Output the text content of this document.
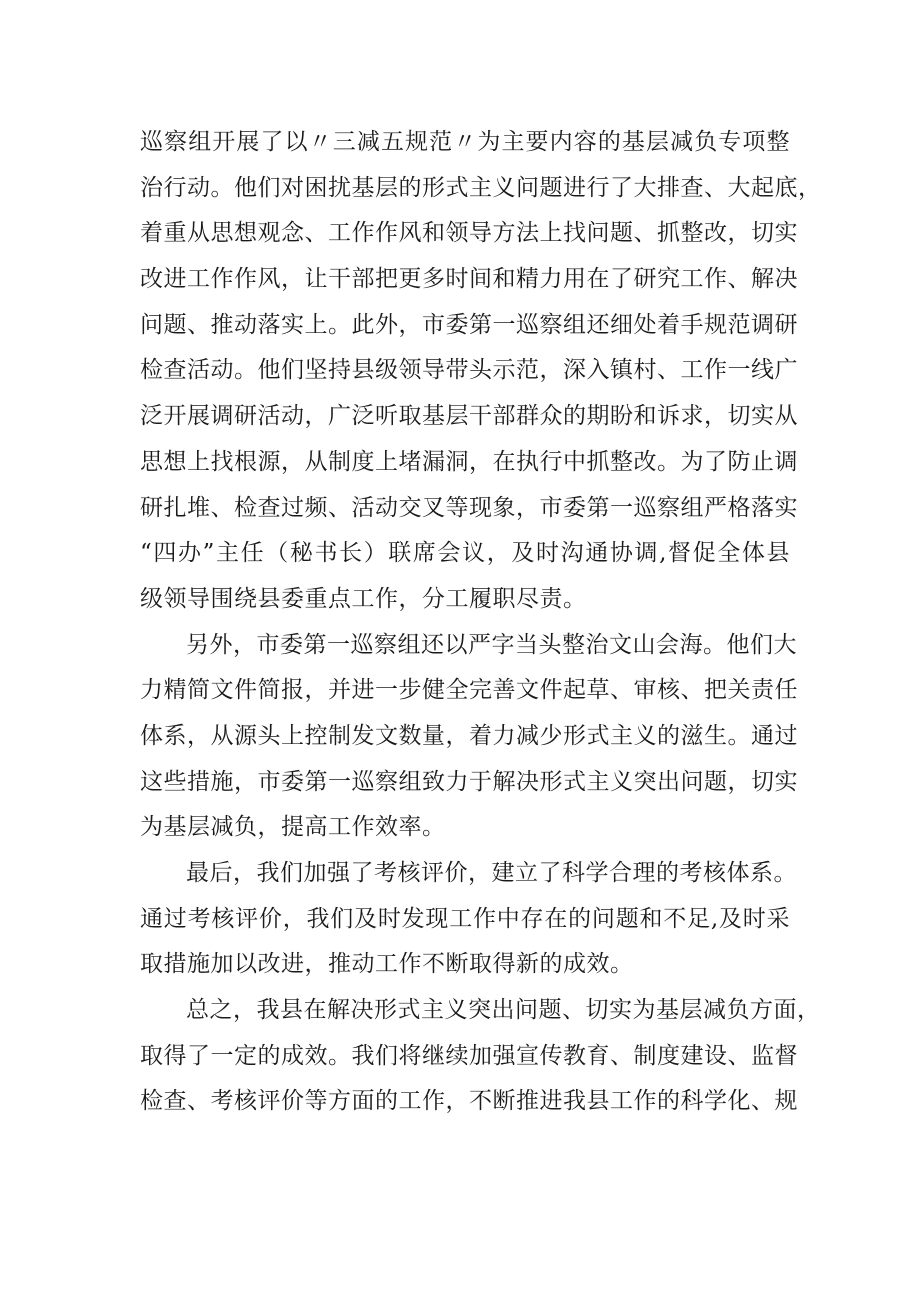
巡察组开展了以〃三减五规范〃为主要内容的基层减负专项整
治行动。他们对困扰基层的形式主义问题进行了大排查、大起底，
着重从思想观念、工作作风和领导方法上找问题、抓整改，切实
改进工作作风，让干部把更多时间和精力用在了研究工作、解决
问题、推动落实上。此外，市委第一巡察组还细处着手规范调研
检查活动。他们坚持县级领导带头示范，深入镇村、工作一线广
泛开展调研活动，广泛听取基层干部群众的期盼和诉求，切实从
思想上找根源，从制度上堵漏洞，在执行中抓整改。为了防止调
研扎堆、检查过频、活动交叉等现象，市委第一巡察组严格落实
“四办”主任（秘书长）联席会议，及时沟通协调,督促全体县
级领导围绕县委重点工作，分工履职尽责。
另外，市委第一巡察组还以严字当头整治文山会海。他们大
力精简文件简报，并进一步健全完善文件起草、审核、把关责任
体系，从源头上控制发文数量，着力减少形式主义的滋生。通过
这些措施，市委第一巡察组致力于解决形式主义突出问题，切实
为基层减负，提高工作效率。
最后，我们加强了考核评价，建立了科学合理的考核体系。
通过考核评价，我们及时发现工作中存在的问题和不足,及时采
取措施加以改进，推动工作不断取得新的成效。
总之，我县在解决形式主义突出问题、切实为基层减负方面，
取得了一定的成效。我们将继续加强宣传教育、制度建设、监督
检查、考核评价等方面的工作，不断推进我县工作的科学化、规
